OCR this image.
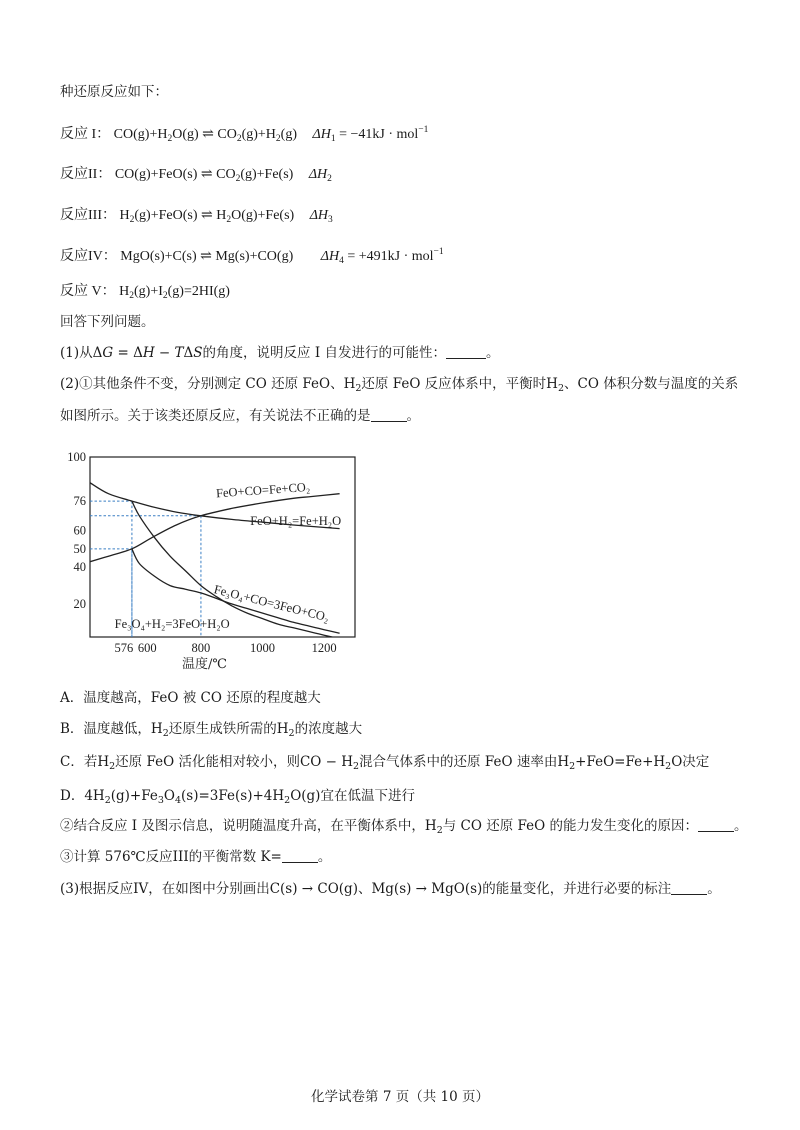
种还原反应如下：
反应 I： $CO(g)+H_2O(g)$ ⇌ $CO_2(g)+H_2(g) \Delta H_1 = -41kJ \cdot mol^{-1}$
反应II： CO(g)+FeO(s) ⇌ $CO_2(g)+Fe(s)$ $\Delta H_2$
反应III： $H_2(g)+FeO(s)$ ⇌ $H_2O(g)+Fe(s)$ $\Delta H_3$
反应IV： MgO(s)+C(s) ⇌ Mg(s)+CO(g) $\Delta H_4 = +491kJ \cdot mol^{-1}$
反应 V： $H_2(g)+I_2(g)=2HI(g)$
回答下列问题。
(1)从ΔG = ΔH − TΔS的角度，说明反应 I 自发进行的可能性：	。
(2)①其他条件不变，分别测定 CO 还原 FeO、$H_2$还原 FeO 反应体系中，平衡时$H_2$、CO 体积分数与温度的关系
如图所示。关于该类还原反应，有关说法不正确的是	。
20
40
50
60
76
100
576 600	800	1000	1200
温度/℃
FeO+CO=Fe+CO₂
FeO+H₂=Fe+H₂O
Fe₃O₄+CO=3FeO+CO₂
Fe₃O₄+H₂=3FeO+H₂O
A．温度越高，FeO 被 CO 还原的程度越大
B．温度越低，$H_2$还原生成铁所需的$H_2$的浓度越大
C．若$H_2$还原 FeO 活化能相对较小，则CO − $H_2$混合气体系中的还原 FeO 速率由$H_2+FeO=Fe+H_2O$决定
D．$4H_2(g)+Fe_3O_4(s)=3Fe(s)+4H_2O(g)$宜在低温下进行
②结合反应 I 及图示信息，说明随温度升高，在平衡体系中，$H_2$与 CO 还原 FeO 的能力发生变化的原因：	。
③计算 576℃反应III的平衡常数 K=	。
(3)根据反应IV，在如图中分别画出C(s) → CO(g)、Mg(s) → MgO(s)的能量变化，并进行必要的标注	。
化学试卷第 7 页（共 10 页）
